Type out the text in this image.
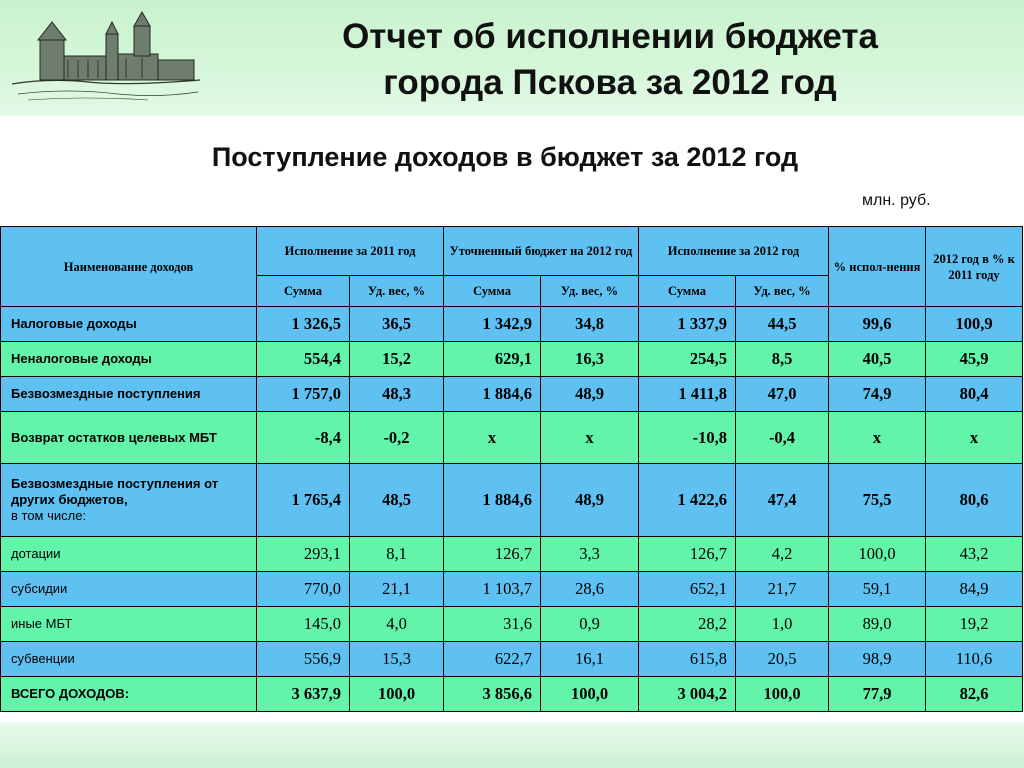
Отчет об исполнении бюджета
города Пскова за 2012 год
Поступление доходов в бюджет за 2012 год
млн. руб.
Наименование доходов	Исполнение за 2011 год		Уточненный бюджет на 2012 год		Исполнение за 2012 год		% испол-нения	2012 год в % к 2011 году
	Сумма	Уд. вес, %	Сумма	Уд. вес, %	Сумма	Уд. вес, %		
Налоговые доходы	1 326,5	36,5	1 342,9	34,8	1 337,9	44,5	99,6	100,9
Неналоговые доходы	554,4	15,2	629,1	16,3	254,5	8,5	40,5	45,9
Безвозмездные поступления	1 757,0	48,3	1 884,6	48,9	1 411,8	47,0	74,9	80,4
Возврат остатков целевых МБТ	-8,4	-0,2	х	х	-10,8	-0,4	х	х
Безвозмездные поступления от других бюджетов,
в том числе:	1 765,4	48,5	1 884,6	48,9	1 422,6	47,4	75,5	80,6
дотации	293,1	8,1	126,7	3,3	126,7	4,2	100,0	43,2
субсидии	770,0	21,1	1 103,7	28,6	652,1	21,7	59,1	84,9
иные МБТ	145,0	4,0	31,6	0,9	28,2	1,0	89,0	19,2
субвенции	556,9	15,3	622,7	16,1	615,8	20,5	98,9	110,6
ВСЕГО ДОХОДОВ:	3 637,9	100,0	3 856,6	100,0	3 004,2	100,0	77,9	82,6
